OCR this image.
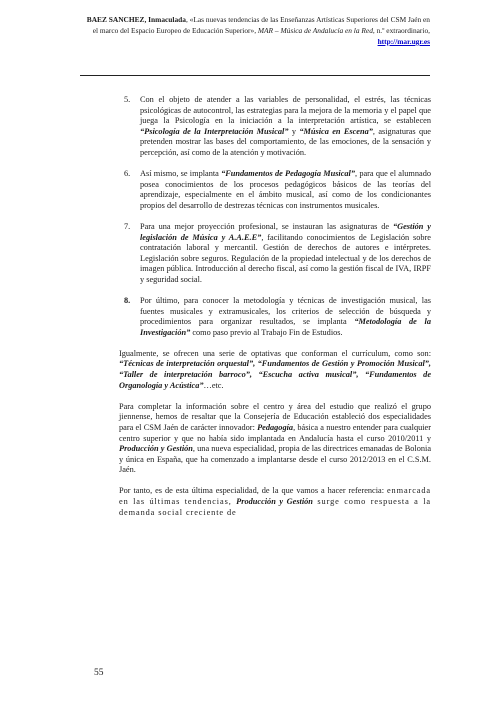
BAEZ SANCHEZ, Inmaculada, «Las nuevas tendencias de las Enseñanzas Artísticas Superiores del CSM Jaén en el marco del Espacio Europeo de Educación Superior», MAR – Música de Andalucía en la Red, n.º extraordinario, http://mar.ugr.es
5. Con el objeto de atender a las variables de personalidad, el estrés, las técnicas psicológicas de autocontrol, las estrategias para la mejora de la memoria y el papel que juega la Psicología en la iniciación a la interpretación artística, se establecen “Psicología de la Interpretación Musical” y “Música en Escena”, asignaturas que pretenden mostrar las bases del comportamiento, de las emociones, de la sensación y percepción, así como de la atención y motivación.
6. Así mismo, se implanta “Fundamentos de Pedagogía Musical”, para que el alumnado posea conocimientos de los procesos pedagógicos básicos de las teorías del aprendizaje, especialmente en el ámbito musical, así como de los condicionantes propios del desarrollo de destrezas técnicas con instrumentos musicales.
7. Para una mejor proyección profesional, se instauran las asignaturas de “Gestión y legislación de Música y A.A.E.E”, facilitando conocimientos de Legislación sobre contratación laboral y mercantil. Gestión de derechos de autores e intérpretes. Legislación sobre seguros. Regulación de la propiedad intelectual y de los derechos de imagen pública. Introducción al derecho fiscal, así como la gestión fiscal de IVA, IRPF y seguridad social.
8. Por último, para conocer la metodología y técnicas de investigación musical, las fuentes musicales y extramusicales, los criterios de selección de búsqueda y procedimientos para organizar resultados, se implanta “Metodología de la Investigación” como paso previo al Trabajo Fin de Estudios.

Igualmente, se ofrecen una serie de optativas que conforman el currículum, como son: “Técnicas de interpretación orquestal”, “Fundamentos de Gestión y Promoción Musical”, “Taller de interpretación barroco”, “Escucha activa musical”, “Fundamentos de Organología y Acústica”…etc.

Para completar la información sobre el centro y área del estudio que realizó el grupo jiennense, hemos de resaltar que la Consejería de Educación estableció dos especialidades para el CSM Jaén de carácter innovador: Pedagogía, básica a nuestro entender para cualquier centro superior y que no había sido implantada en Andalucía hasta el curso 2010/2011 y Producción y Gestión, una nueva especialidad, propia de las directrices emanadas de Bolonia y única en España, que ha comenzado a implantarse desde el curso 2012/2013 en el C.S.M. Jaén.

Por tanto, es de esta última especialidad, de la que vamos a hacer referencia: enmarcada en las últimas tendencias, Producción y Gestión surge como respuesta a la demanda social creciente de

55
